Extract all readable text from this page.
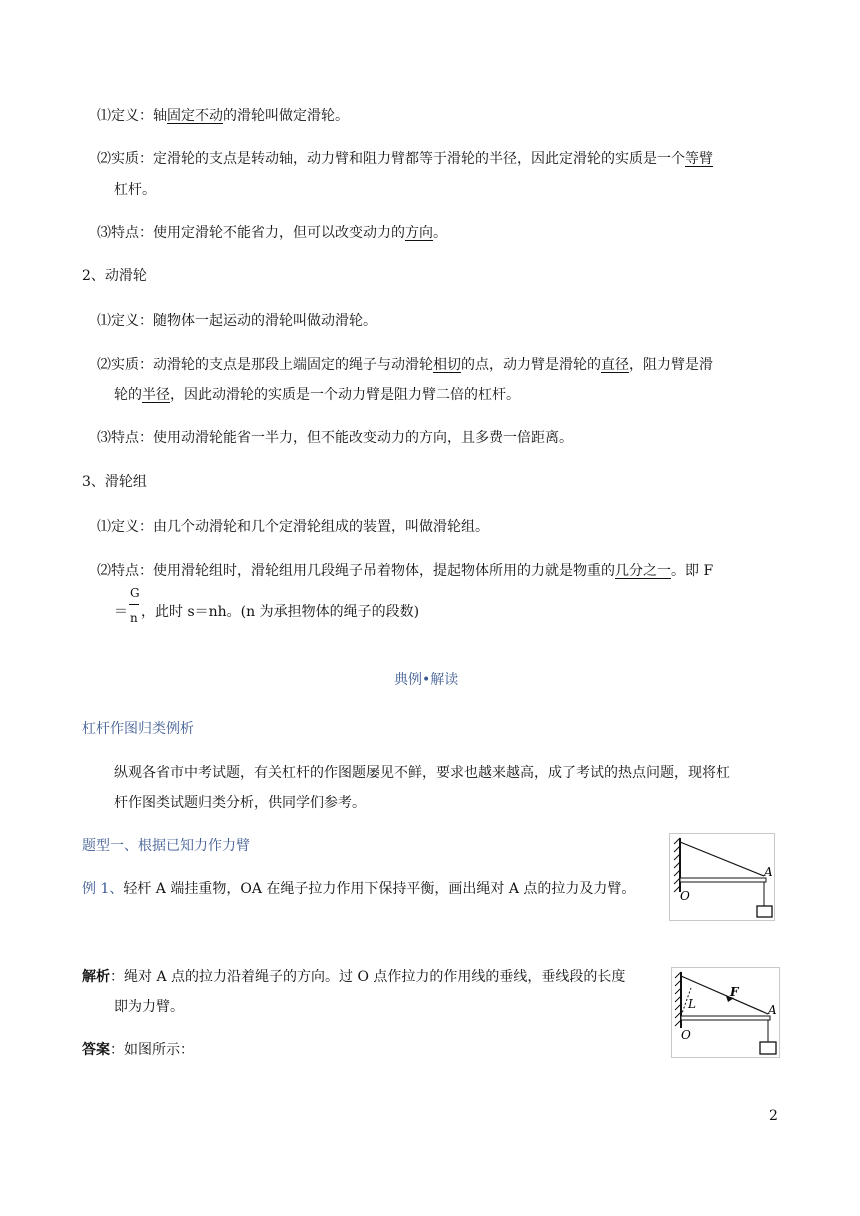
⑴定义：轴固定不动的滑轮叫做定滑轮。
⑵实质：定滑轮的支点是转动轴，动力臂和阻力臂都等于滑轮的半径，因此定滑轮的实质是一个等臂
杠杆。
⑶特点：使用定滑轮不能省力，但可以改变动力的方向。
2、动滑轮
⑴定义：随物体一起运动的滑轮叫做动滑轮。
⑵实质：动滑轮的支点是那段上端固定的绳子与动滑轮相切的点，动力臂是滑轮的直径，阻力臂是滑
轮的半径，因此动滑轮的实质是一个动力臂是阻力臂二倍的杠杆。
⑶特点：使用动滑轮能省一半力，但不能改变动力的方向，且多费一倍距离。
3、滑轮组
⑴定义：由几个动滑轮和几个定滑轮组成的装置，叫做滑轮组。
⑵特点：使用滑轮组时，滑轮组用几段绳子吊着物体，提起物体所用的力就是物重的几分之一。即 F
＝
G
n ，此时 s＝nh。(n 为承担物体的绳子的段数)
典例•解读
杠杆作图归类例析
纵观各省市中考试题，有关杠杆的作图题屡见不鲜，要求也越来越高，成了考试的热点问题，现将杠
杆作图类试题归类分析，供同学们参考。
题型一、根据已知力作力臂
例 1、轻杆 A 端挂重物，OA 在绳子拉力作用下保持平衡，画出绳对 A 点的拉力及力臂。
解析：绳对 A 点的拉力沿着绳子的方向。过 O 点作拉力的作用线的垂线，垂线段的长度
即为力臂。
答案：如图所示：
A
O
F
L	A
O
2
